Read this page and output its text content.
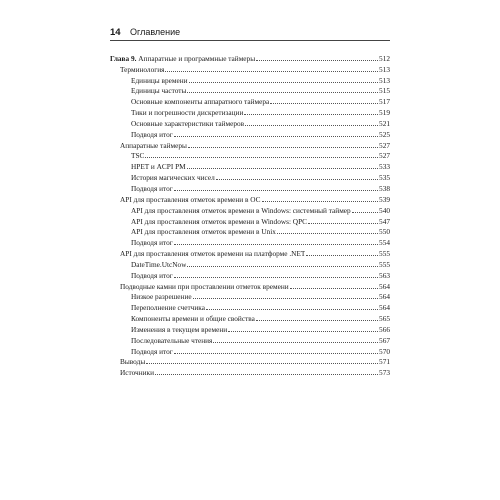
14	Оглавление
Глава 9. Аппаратные и программные таймеры	512
Терминология	513
Единицы времени	513
Единицы частоты	515
Основные компоненты аппаратного таймера	517
Тики и погрешности дискретизации	519
Основные характеристики таймеров	521
Подводя итог	525
Аппаратные таймеры	527
TSC	527
HPET и ACPI PM	533
История магических чисел	535
Подводя итог	538
API для проставления отметок времени в ОС	539
API для проставления отметок времени в Windows: системный таймер	540
API для проставления отметок времени в Windows: QPC	547
API для проставления отметок времени в Unix	550
Подводя итог	554
API для проставления отметок времени на платформе .NET	555
DateTime.UtcNow	555
Подводя итог	563
Подводные камни при проставлении отметок времени	564
Низкое разрешение	564
Переполнение счетчика	564
Компоненты времени и общие свойства	565
Изменения в текущем времени	566
Последовательные чтения	567
Подводя итог	570
Выводы	571
Источники	573
